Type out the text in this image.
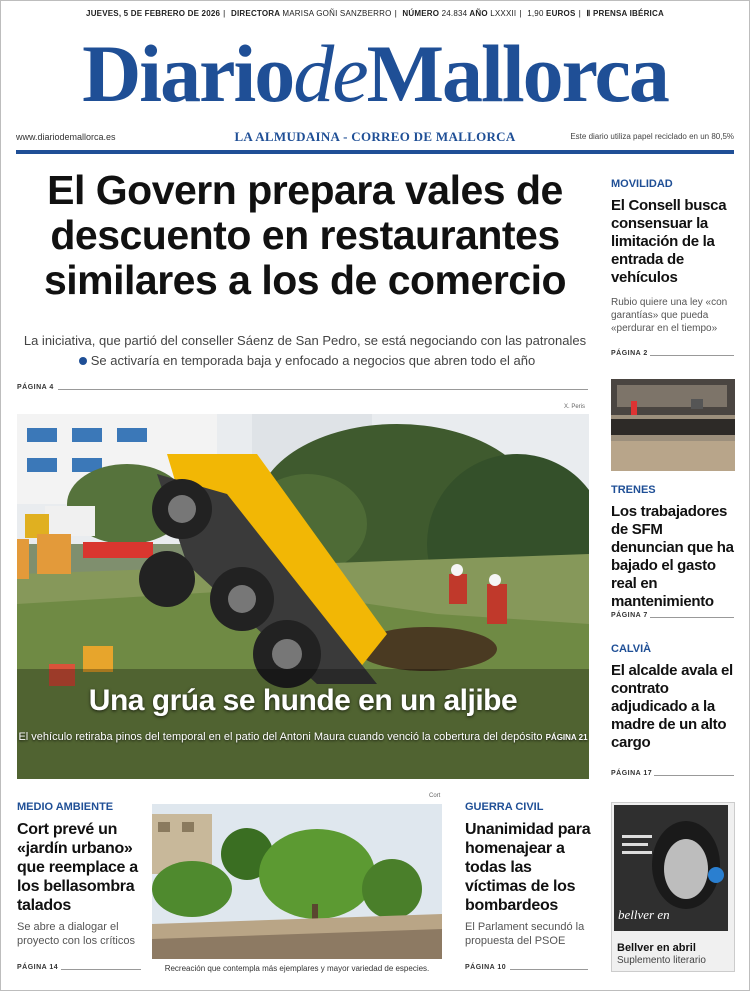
JUEVES, 5 DE FEBRERO DE 2026 | DIRECTORA MARISA GOÑI SANZBERRO | NÚMERO 24.834 AÑO LXXXII | 1,90 EUROS | Ⅱ PRENSA IBÉRICA
DiariodeMallorca
www.diariodemallorca.es	LA ALMUDAINA - CORREO DE MALLORCA	Este diario utiliza papel reciclado en un 80,5%
El Govern prepara vales de descuento en restaurantes similares a los de comercio
La iniciativa, que partió del conseller Sáenz de San Pedro, se está negociando con las patronalesSe activaría en temporada baja y enfocado a negocios que abren todo el año
PÁGINA 4
X. Peris
Una grúa se hunde en un aljibe
El vehículo retiraba pinos del temporal en el patio del Antoni Maura cuando venció la cobertura del depósito PÁGINA 21
MOVILIDAD
El Consell busca consensuar la limitación de la entrada de vehículos
Rubio quiere una ley «con garantías» que pueda «perdurar en el tiempo»
PÁGINA 2
TRENES
Los trabajadores de SFM denuncian que ha bajado el gasto real en mantenimiento
PÁGINA 7
CALVIÀ
El alcalde avala el contrato adjudicado a la madre de un alto cargo
PÁGINA 17
bellver en
Bellver en abril
Suplemento literario
MEDIO AMBIENTE
Cort prevé un «jardín urbano» que reemplace a los bellasombra talados
Se abre a dialogar el proyecto con los críticos
PÁGINA 14
Cort
Recreación que contempla más ejemplares y mayor variedad de especies.
GUERRA CIVIL
Unanimidad para homenajear a todas las víctimas de los bombardeos
El Parlament secundó la propuesta del PSOE
PÁGINA 10
